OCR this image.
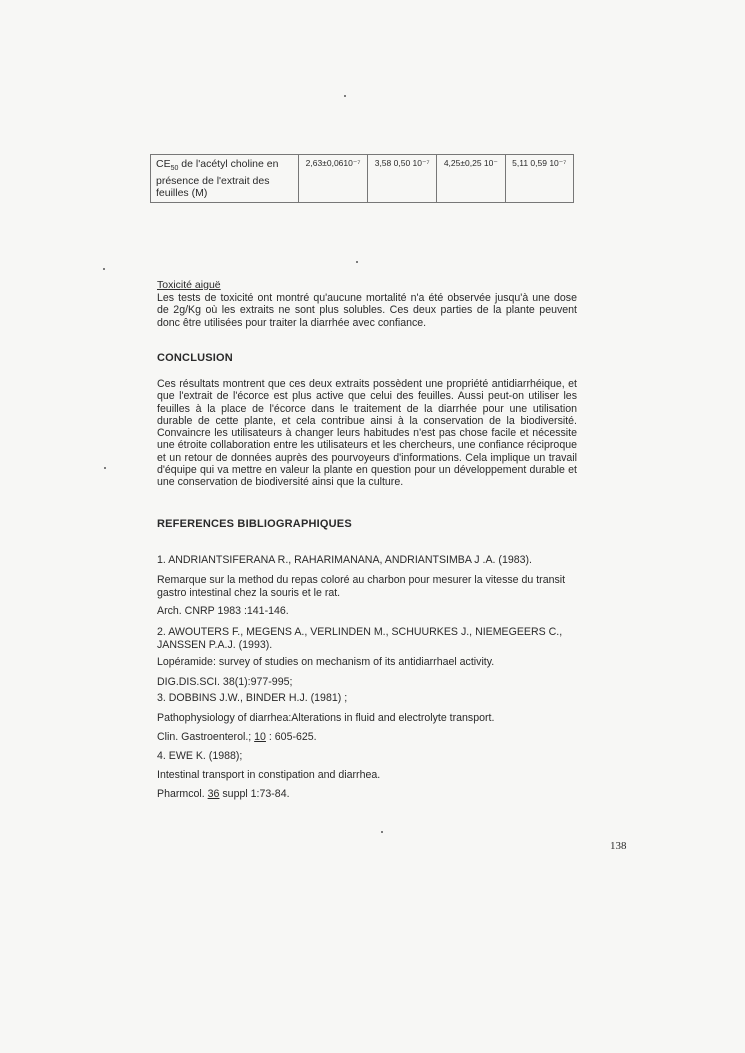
$CE_{50}$ de l'acétyl choline en présence de l'extrait des feuilles (M)	2,63±0,0610⁻⁷	3,58 0,50 10⁻⁷	4,25±0,25 10⁻	5,11 0,59 10⁻⁷
Toxicité aiguë
Les tests de toxicité ont montré qu'aucune mortalité n'a été observée jusqu'à une dose de 2g/Kg où les extraits ne sont plus solubles. Ces deux parties de la plante peuvent donc être utilisées pour traiter la diarrhée avec confiance.
CONCLUSION
Ces résultats montrent que ces deux extraits possèdent une propriété antidiarrhéique, et que l'extrait de l'écorce est plus active que celui des feuilles. Aussi peut-on utiliser les feuilles à la place de l'écorce dans le traitement de la diarrhée pour une utilisation durable de cette plante, et cela contribue ainsi à la conservation de la biodiversité. Convaincre les utilisateurs à changer leurs habitudes n'est pas chose facile et nécessite une étroite collaboration entre les utilisateurs et les chercheurs, une confiance réciproque et un retour de données auprès des pourvoyeurs d'informations. Cela implique un travail d'équipe qui va mettre en valeur la plante en question pour un développement durable et une conservation de biodiversité ainsi que la culture.
REFERENCES BIBLIOGRAPHIQUES
1. ANDRIANTSIFERANA R., RAHARIMANANA, ANDRIANTSIMBA J .A. (1983).
Remarque sur la method du repas coloré au charbon pour mesurer la vitesse du transit gastro intestinal chez la souris et le rat.
Arch. CNRP 1983 :141-146.
2. AWOUTERS F., MEGENS A., VERLINDEN M., SCHUURKES J., NIEMEGEERS C., JANSSEN P.A.J. (1993).
Lopéramide: survey of studies on mechanism of its antidiarrhael activity.
DIG.DIS.SCI. 38(1):977-995;
3. DOBBINS J.W., BINDER H.J. (1981) ;
Pathophysiology of diarrhea:Alterations in fluid and electrolyte transport.
Clin. Gastroenterol.; 10 : 605-625.
4. EWE K. (1988);
Intestinal transport in constipation and diarrhea.
Pharmcol. 36 suppl 1:73-84.
138
